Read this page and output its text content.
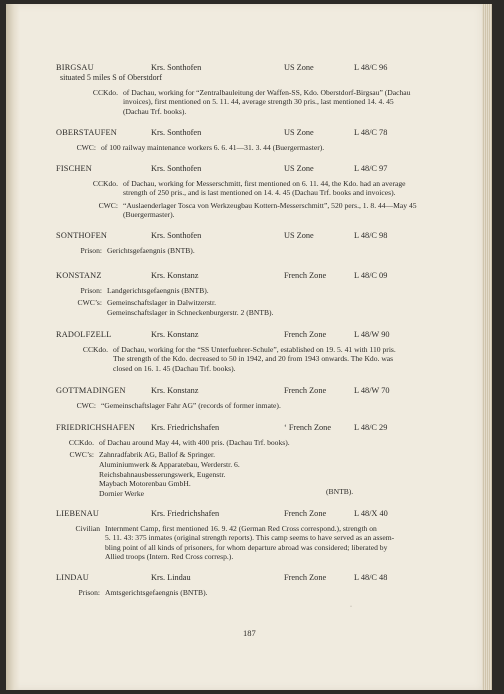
BIRGSAU	Krs. Sonthofen	US Zone	L 48/C 96
situated 5 miles S of Oberstdorf
CCKdo. of Dachau, working for “Zentralbauleitung der Waffen-SS, Kdo. Oberstdorf-Birgsau” (Dachau
invoices), first mentioned on 5. 11. 44, average strength 30 pris., last mentioned 14. 4. 45
(Dachau Trf. books).
OBERSTAUFEN	Krs. Sonthofen	US Zone	L 48/C 78
CWC: of 100 railway maintenance workers 6. 6. 41—31. 3. 44 (Buergermaster).
FISCHEN	Krs. Sonthofen	US Zone	L 48/C 97
CCKdo. of Dachau, working for Messerschmitt, first mentioned on 6. 11. 44, the Kdo. had an average
strength of 250 pris., and is last mentioned on 14. 4. 45 (Dachau Trf. books and invoices).
CWC: “Auslaenderlager Tosca von Werkzeugbau Kottern-Messerschmitt”, 520 pers., 1. 8. 44—May 45
(Buergermaster).
SONTHOFEN	Krs. Sonthofen	US Zone	L 48/C 98
Prison: Gerichtsgefaengnis (BNTB).
KONSTANZ	Krs. Konstanz	French Zone	L 48/C 09
Prison: Landgerichtsgefaengnis (BNTB).
CWC’s: Gemeinschaftslager in Dalwitzerstr.
Gemeinschaftslager in Schneckenburgerstr. 2 (BNTB).
RADOLFZELL	Krs. Konstanz	French Zone	L 48/W 90
CCKdo. of Dachau, working for the “SS Unterfuehrer-Schule”, established on 19. 5. 41 with 110 pris.
The strength of the Kdo. decreased to 50 in 1942, and 20 from 1943 onwards. The Kdo. was
closed on 16. 1. 45 (Dachau Trf. books).
GOTTMADINGEN	Krs. Konstanz	French Zone	L 48/W 70
CWC: “Gemeinschaftslager Fahr AG” (records of former inmate).
FRIEDRICHSHAFEN Krs. Friedrichshafen	‘ French Zone	L 48/C 29
CCKdo. of Dachau around May 44, with 400 pris. (Dachau Trf. books).
CWC’s: Zahnradfabrik AG, Ballof & Springer.
Aluminiumwerk & Apparatebau, Werderstr. 6.
Reichsbahnausbesserungswerk, Eugenstr.
Maybach Motorenbau GmbH.
Dornier Werke	(BNTB).
LIEBENAU	Krs. Friedrichshafen	French Zone	L 48/X 40
Civilian Internment Camp, first mentioned 16. 9. 42 (German Red Cross correspond.), strength on
5. 11. 43: 375 inmates (original strength reports). This camp seems to have served as an assem-
bling point of all kinds of prisoners, for whom departure abroad was considered; liberated by
Allied troops (Intern. Red Cross corresp.).
LINDAU	Krs. Lindau	French Zone	L 48/C 48
Prison: Amtsgerichtsgefaengnis (BNTB).
·
187
